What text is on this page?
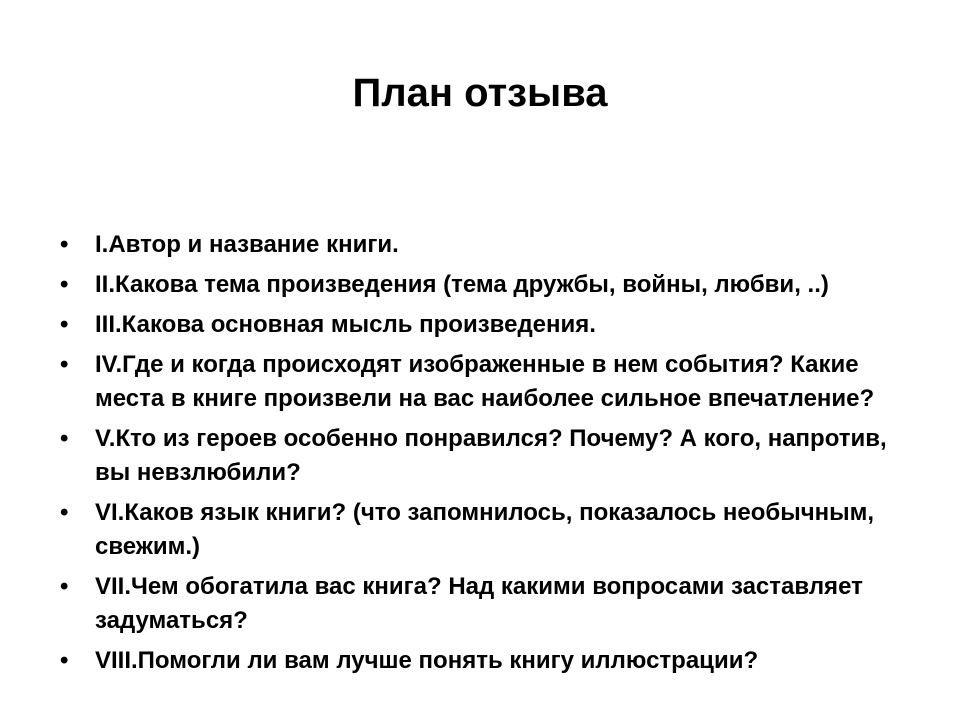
План отзыва
•	I.Автор и название книги.
•	II.Какова тема произведения (тема дружбы, войны, любви, ..)
•	III.Какова основная мысль произведения.
•	IV.Где и когда происходят изображенные в нем события? Какие места в книге произвели на вас наиболее сильное впечатление?
•	V.Кто из героев особенно понравился? Почему? А кого, напротив, вы невзлюбили?
•	VI.Каков язык книги? (что запомнилось, показалось необычным, свежим.)
•	VII.Чем обогатила вас книга? Над какими вопросами заставляет задуматься?
•	VIII.Помогли ли вам лучше понять книгу иллюстрации?
